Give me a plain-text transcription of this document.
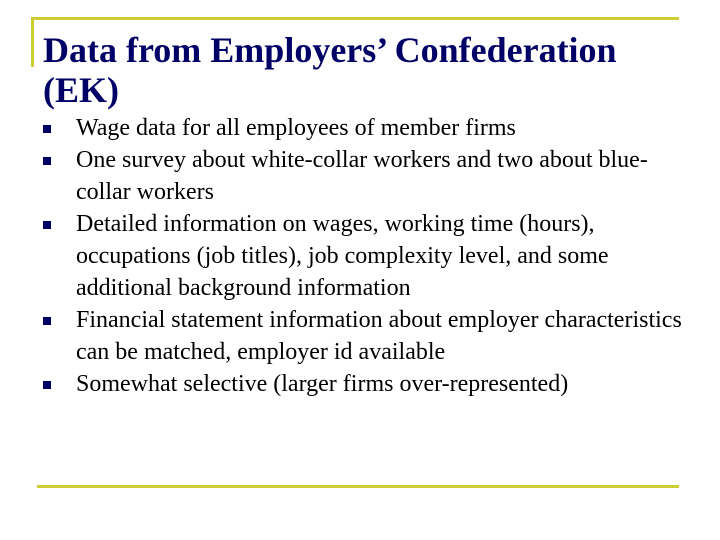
Data from Employers’ Confederation (EK)
Wage data for all employees of member firms
One survey about white-collar workers and two about blue-collar workers
Detailed information on wages, working time (hours), occupations (job titles), job complexity level, and some additional background information
Financial statement information about employer characteristics can be matched, employer id available
Somewhat selective (larger firms over-represented)
